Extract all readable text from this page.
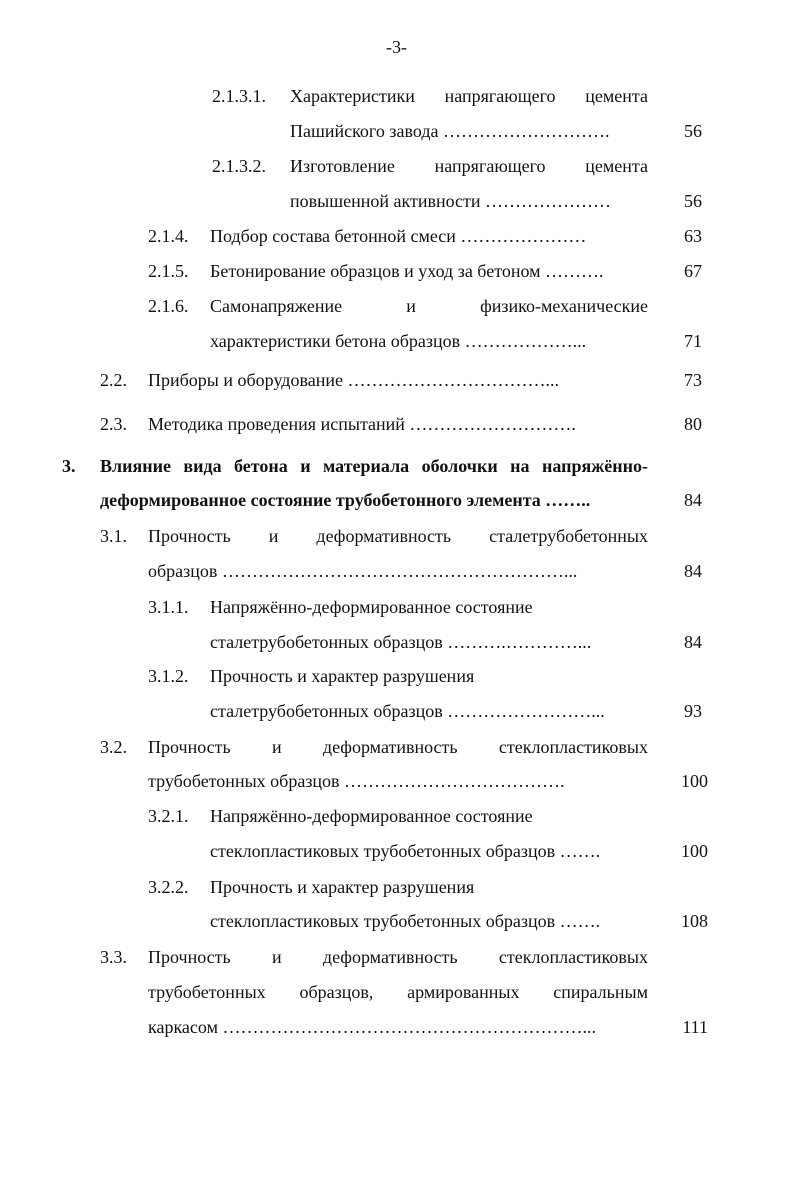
-3-
2.1.3.1. Характеристики напрягающего цемента
Пашийского завода ……………………….	56
2.1.3.2. Изготовление напрягающего цемента
повышенной активности …………………	56
2.1.4. Подбор состава бетонной смеси …………………	63
2.1.5. Бетонирование образцов и уход за бетоном ……….	67
2.1.6. Самонапряжение и физико-механические
характеристики бетона образцов ………………...	71
2.2. Приборы и оборудование ……………………………...	73
2.3. Методика проведения испытаний ……………………….	80
3. Влияние вида бетона и материала оболочки на напряжённо-
деформированное состояние трубобетонного элемента ……..	84
3.1. Прочность и деформативность сталетрубобетонных
образцов …………………………………………………...	84
3.1.1. Напряжённо-деформированное состояние
сталетрубобетонных образцов ……….…………...	84
3.1.2. Прочность и характер разрушения
сталетрубобетонных образцов ……………………...	93
3.2. Прочность и деформативность стеклопластиковых
трубобетонных образцов ……………………………….	100
3.2.1. Напряжённо-деформированное состояние
стеклопластиковых трубобетонных образцов …….	100
3.2.2. Прочность и характер разрушения
стеклопластиковых трубобетонных образцов …….	108
3.3. Прочность и деформативность стеклопластиковых
трубобетонных образцов, армированных спиральным
каркасом ……………………………………………………...	111
